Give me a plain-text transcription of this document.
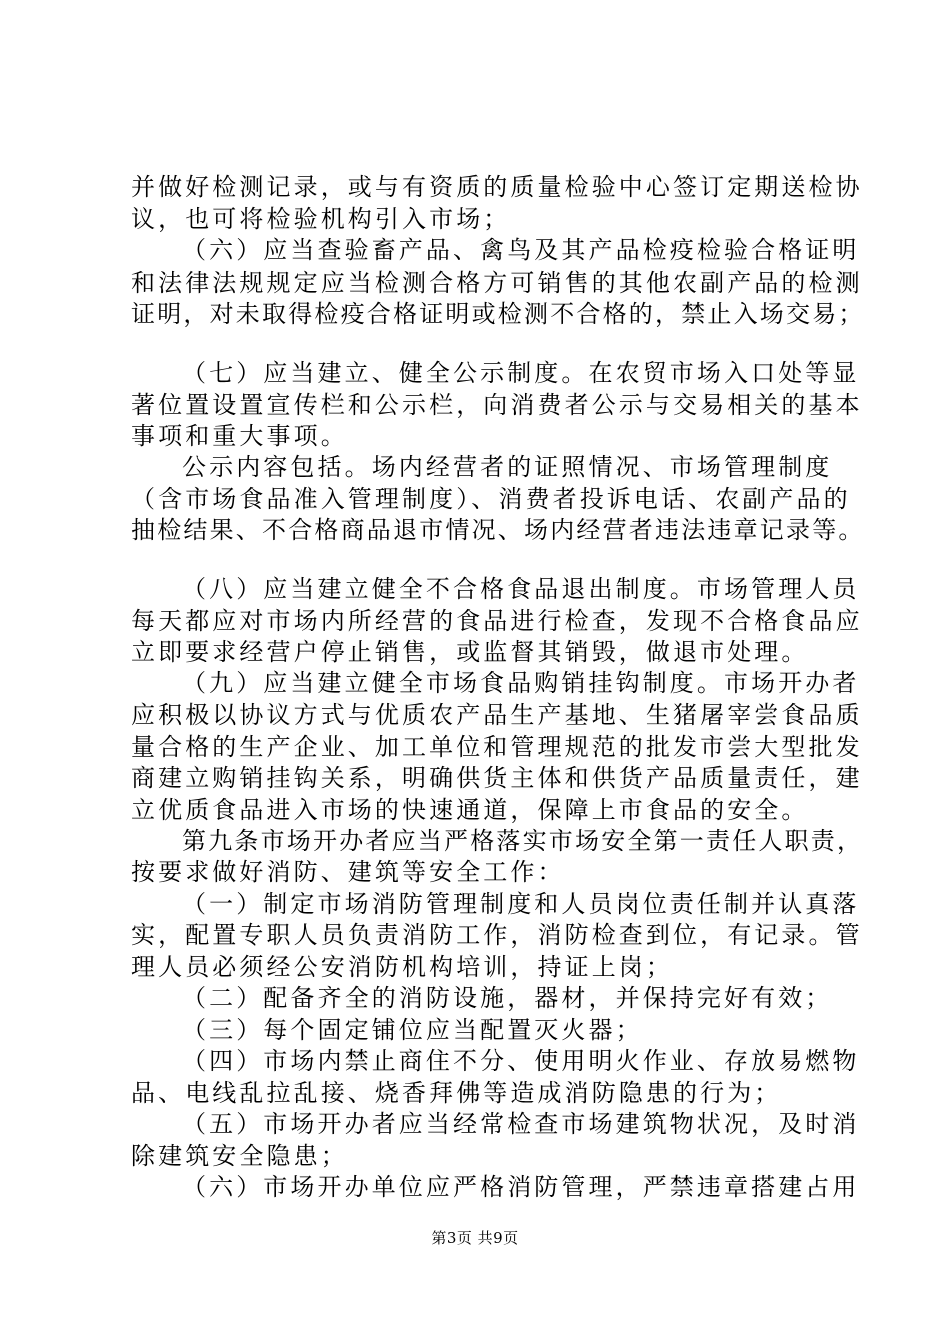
并做好检测记录，或与有资质的质量检验中心签订定期送检协
议，也可将检验机构引入市场；
（六）应当查验畜产品、禽鸟及其产品检疫检验合格证明
和法律法规规定应当检测合格方可销售的其他农副产品的检测
证明，对未取得检疫合格证明或检测不合格的，禁止入场交易；
（七）应当建立、健全公示制度。在农贸市场入口处等显
著位置设置宣传栏和公示栏，向消费者公示与交易相关的基本
事项和重大事项。
公示内容包括。场内经营者的证照情况、市场管理制度
（含市场食品准入管理制度）、消费者投诉电话、农副产品的
抽检结果、不合格商品退市情况、场内经营者违法违章记录等。
（八）应当建立健全不合格食品退出制度。市场管理人员
每天都应对市场内所经营的食品进行检查，发现不合格食品应
立即要求经营户停止销售，或监督其销毁，做退市处理。
（九）应当建立健全市场食品购销挂钩制度。市场开办者
应积极以协议方式与优质农产品生产基地、生猪屠宰尝食品质
量合格的生产企业、加工单位和管理规范的批发市尝大型批发
商建立购销挂钩关系，明确供货主体和供货产品质量责任，建
立优质食品进入市场的快速通道，保障上市食品的安全。
第九条市场开办者应当严格落实市场安全第一责任人职责，
按要求做好消防、建筑等安全工作：
（一）制定市场消防管理制度和人员岗位责任制并认真落
实，配置专职人员负责消防工作，消防检查到位，有记录。管
理人员必须经公安消防机构培训，持证上岗；
（二）配备齐全的消防设施，器材，并保持完好有效；
（三）每个固定铺位应当配置灭火器；
（四）市场内禁止商住不分、使用明火作业、存放易燃物
品、电线乱拉乱接、烧香拜佛等造成消防隐患的行为；
（五）市场开办者应当经常检查市场建筑物状况，及时消
除建筑安全隐患；
（六）市场开办单位应严格消防管理，严禁违章搭建占用
第3页 共9页
